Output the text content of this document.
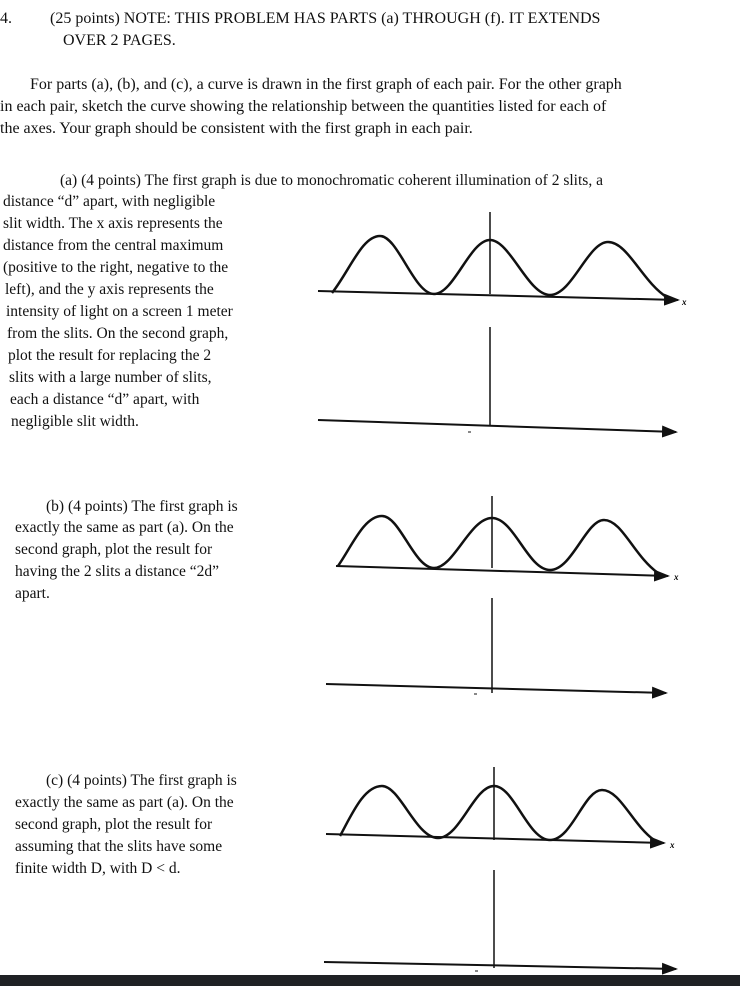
4. (25 points) NOTE: THIS PROBLEM HAS PARTS (a) THROUGH (f). IT EXTENDS

OVER 2 PAGES.

For parts (a), (b), and (c), a curve is drawn in the first graph of each pair. For the other graph

in each pair, sketch the curve showing the relationship between the quantities listed for each of

the axes. Your graph should be consistent with the first graph in each pair.

(a) (4 points) The first graph is due to monochromatic coherent illumination of 2 slits, a

distance “d” apart, with negligible

slit width. The x axis represents the

distance from the central maximum

(positive to the right, negative to the

left), and the y axis represents the

intensity of light on a screen 1 meter

from the slits. On the second graph,

plot the result for replacing the 2

slits with a large number of slits,

each a distance “d” apart, with

negligible slit width.

(b) (4 points) The first graph is

exactly the same as part (a). On the

second graph, plot the result for

having the 2 slits a distance “2d”

apart.

(c) (4 points) The first graph is

exactly the same as part (a). On the

second graph, plot the result for

assuming that the slits have some

finite width D, with D < d.

x
x
x
